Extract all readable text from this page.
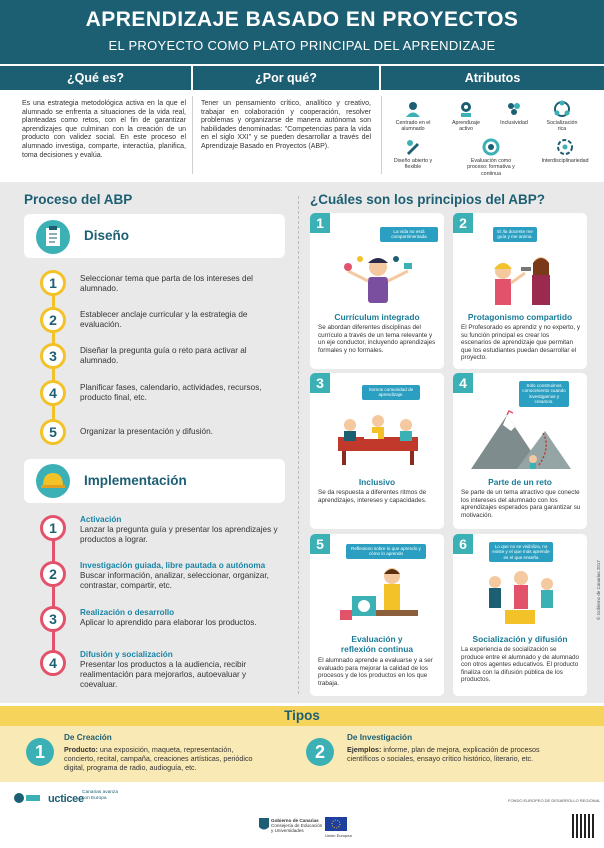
APRENDIZAJE BASADO EN PROYECTOS
EL PROYECTO COMO PLATO PRINCIPAL DEL APRENDIZAJE
¿Qué es?	¿Por qué?	Atributos
Es una estrategia metodológica activa en la que el alumnado se enfrenta a situaciones de la vida real, planteadas como retos, con el fin de garantizar aprendizajes que culminan con la creación de un producto con validez social. En este proceso el alumnado investiga, comparte, interactúa, planifica, toma decisiones y evalúa.
Tener un pensamiento crítico, analítico y creativo, trabajar en colaboración y cooperación, resolver problemas y organizarse de manera autónoma son habilidades denominadas: "Competencias para la vida en el siglo XXI" y se pueden desarrollar a través del Aprendizaje Basado en Proyectos (ABP).
Centrado en el alumnado
Aprendizaje activo
Inclusividad	Socialización rica
Diseño abierto y flexible
Evaluación como proceso: formativa y continua
Interdisciplinariedad
Proceso del ABP
Diseño
1	Seleccionar tema que parta de los intereses del alumnado.
2	Establecer anclaje curricular y la estrategia de evaluación.
3	Diseñar la pregunta guía o reto para activar al alumnado.
4	Planificar fases, calendario, actividades, recursos, producto final, etc.
5	Organizar la presentación y difusión.
Implementación
1
Activación
Lanzar la pregunta guía y presentar los aprendizajes y productos a lograr.
2
Investigación guiada, libre pautada o autónoma
Buscar información, analizar, seleccionar, organizar, contrastar, compartir, etc.
3	Realización o desarrollo
Aplicar lo aprendido para elaborar los productos.
4
Difusión y socialización
Presentar los productos a la audiencia, recibir realimentación para mejorarlos, autoevaluar y coevaluar.
¿Cuáles son los principios del ABP?
1
La vida no está compartimentada
Currículum integrado
Se abordan diferentes disciplinas del currículo a través de un tema relevante y un eje conductor, incluyendo aprendizajes formales y no formales.
2
El /la docente me guía y me anima.
Protagonismo compartido
El Profesorado es aprendiz y no experto, y su función principal es crear los escenarios de aprendizaje que permitan que los estudiantes puedan desarrollar el proyecto.
3	Somos comunidad de aprendizaje.
Inclusivo
Se da respuesta a diferentes ritmos de aprendizajes, intereses y capacidades.
4	Solo construimos conocimiento cuando investigamos y creamos.
Parte de un reto
Se parte de un tema atractivo que conecte los intereses del alumnado con los aprendizajes esperados para garantizar su motivación.
5	Reflexiono sobre lo que aprendo y cómo lo aprendo
Evaluación y reflexión continua
El alumnado aprende a evaluarse y a ser evaluado para mejorar la calidad de los procesos y de los productos en los que trabaja.
6	Lo que no se visibiliza, no existe y el que más aprende es el que enseña
Socialización y difusión
La experiencia de socialización se produce entre el alumnado y de alumnado con otros agentes educativos. El producto finaliza con la difusión pública de los productos.
© Gobierno de Canarias 2017
Tipos
1
De Creación
Producto: una exposición, maqueta, representación, concierto, recital, campaña, creaciones artísticas, periódico digital, programa de radio, audioguía, etc.
2
De Investigación
Ejemplos: informe, plan de mejora, explicación de procesos científicos o sociales, ensayo crítico histórico, literario, etc.
ucticee
Canarias avanza con Europa	FONDO EUROPEO DE DESARROLLO REGIONAL
Gobierno de Canarias
Consejería de Educación y Universidades
Unión Europea
